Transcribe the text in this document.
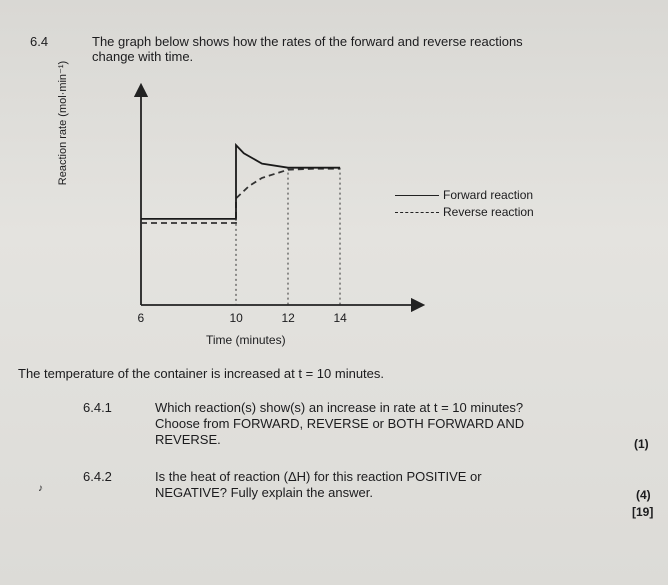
6.4	The graph below shows how the rates of the forward and reverse reactions
change with time.
Reaction rate (mol·min⁻¹)
6	10	12	14
Time (minutes)
Forward reaction
Reverse reaction
The temperature of the container is increased at t = 10 minutes.
6.4.1	Which reaction(s) show(s) an increase in rate at t = 10 minutes?
Choose from FORWARD, REVERSE or BOTH FORWARD AND
REVERSE.	(1)
♪
6.4.2	Is the heat of reaction (ΔH) for this reaction POSITIVE or
NEGATIVE? Fully explain the answer.	(4)
[19]
